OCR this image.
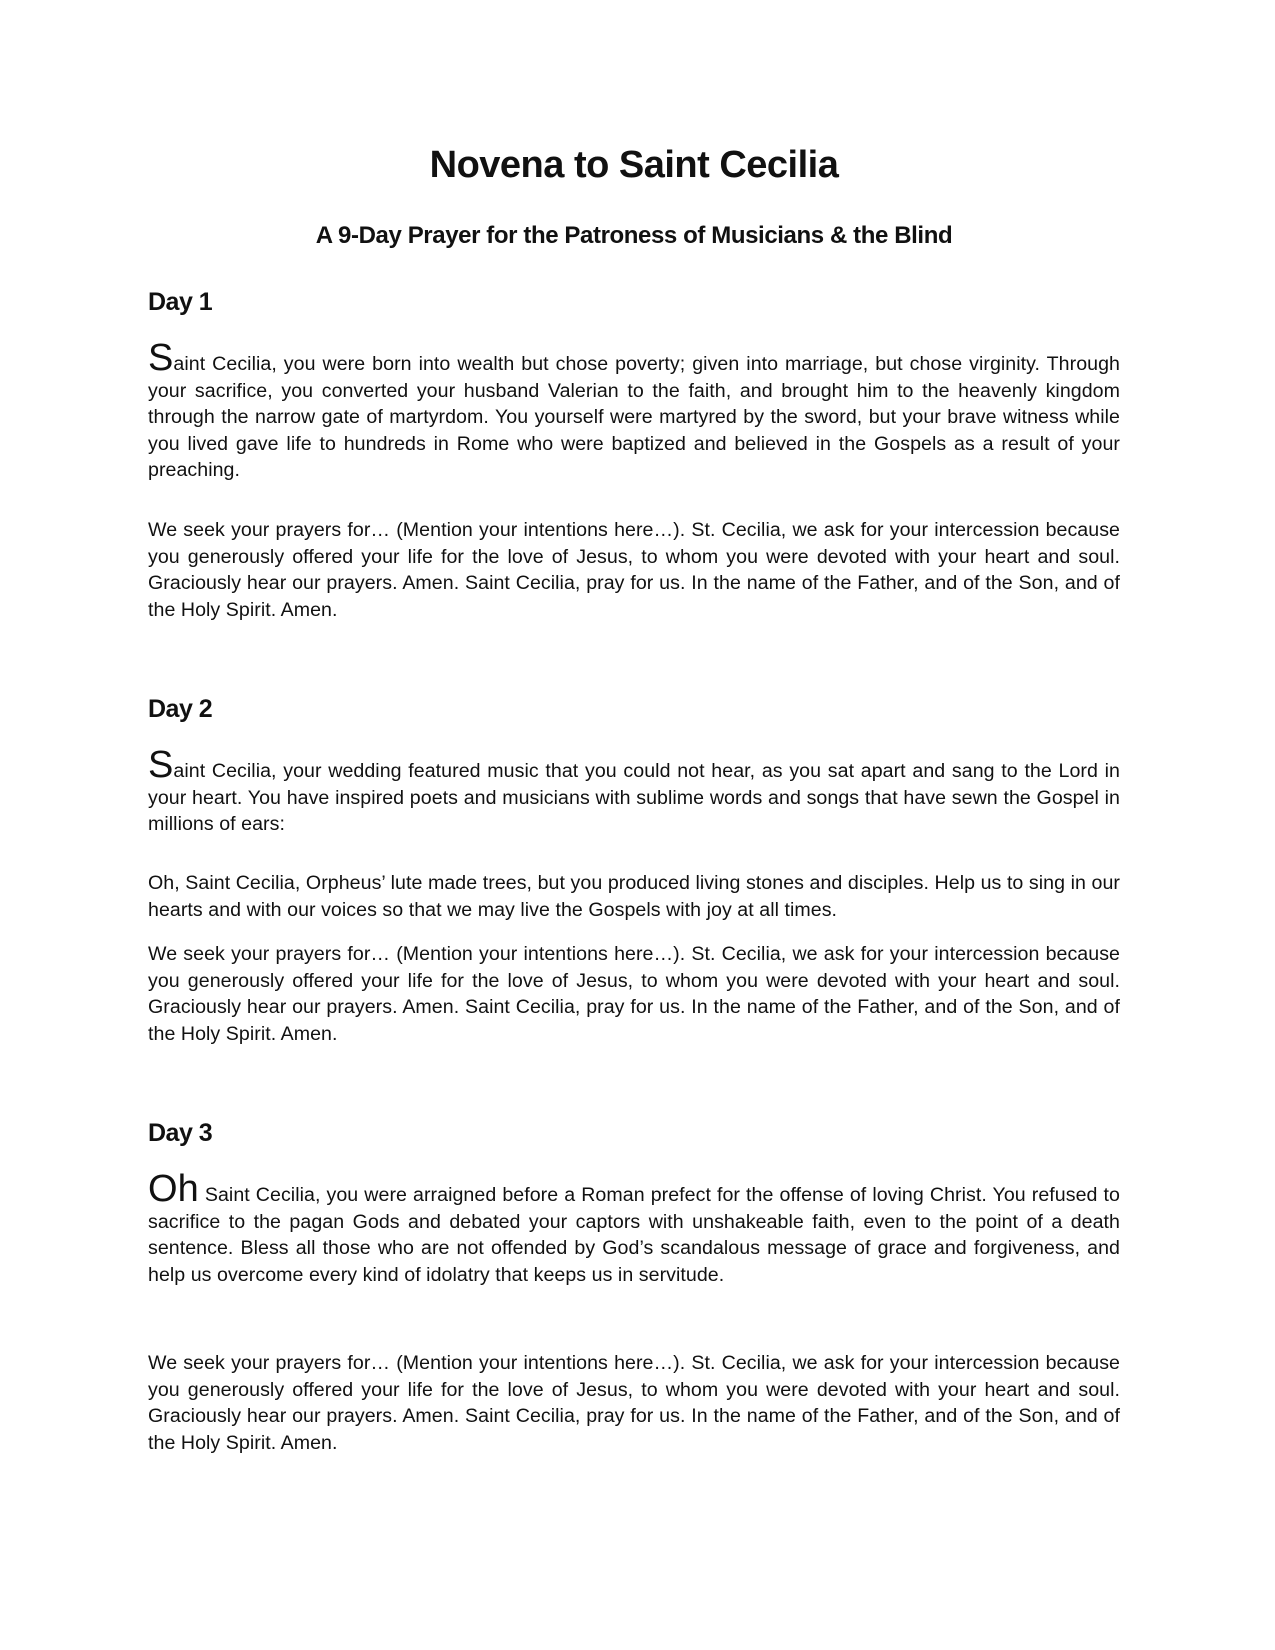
Novena to Saint Cecilia
A 9-Day Prayer for the Patroness of Musicians & the Blind
Day 1

Saint Cecilia, you were born into wealth but chose poverty; given into marriage, but chose virginity. Through your sacrifice, you converted your husband Valerian to the faith, and brought him to the heavenly kingdom through the narrow gate of martyrdom. You yourself were martyred by the sword, but your brave witness while you lived gave life to hundreds in Rome who were baptized and believed in the Gospels as a result of your preaching.

We seek your prayers for… (Mention your intentions here…). St. Cecilia, we ask for your intercession because you generously offered your life for the love of Jesus, to whom you were devoted with your heart and soul. Graciously hear our prayers. Amen. Saint Cecilia, pray for us. In the name of the Father, and of the Son, and of the Holy Spirit. Amen.

Day 2

Saint Cecilia, your wedding featured music that you could not hear, as you sat apart and sang to the Lord in your heart. You have inspired poets and musicians with sublime words and songs that have sewn the Gospel in millions of ears:

Oh, Saint Cecilia, Orpheus’ lute made trees, but you produced living stones and disciples. Help us to sing in our hearts and with our voices so that we may live the Gospels with joy at all times.

We seek your prayers for… (Mention your intentions here…). St. Cecilia, we ask for your intercession because you generously offered your life for the love of Jesus, to whom you were devoted with your heart and soul. Graciously hear our prayers. Amen. Saint Cecilia, pray for us. In the name of the Father, and of the Son, and of the Holy Spirit. Amen.

Day 3

Oh Saint Cecilia, you were arraigned before a Roman prefect for the offense of loving Christ. You refused to sacrifice to the pagan Gods and debated your captors with unshakeable faith, even to the point of a death sentence. Bless all those who are not offended by God’s scandalous message of grace and forgiveness, and help us overcome every kind of idolatry that keeps us in servitude.

We seek your prayers for… (Mention your intentions here…). St. Cecilia, we ask for your intercession because you generously offered your life for the love of Jesus, to whom you were devoted with your heart and soul. Graciously hear our prayers. Amen. Saint Cecilia, pray for us. In the name of the Father, and of the Son, and of the Holy Spirit. Amen.
